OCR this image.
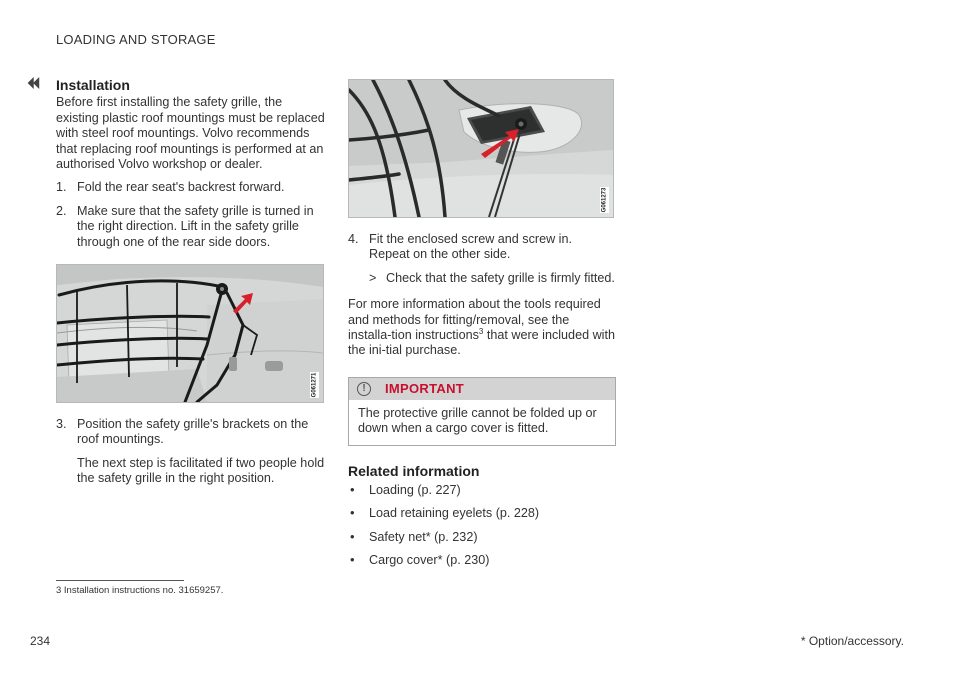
LOADING AND STORAGE
⏴⏴ Installation

Before first installing the safety grille, the existing plastic roof mountings must be replaced with steel roof mountings. Volvo recommends that replacing roof mountings is performed at an authorised Volvo workshop or dealer.

1. Fold the rear seat's backrest forward.
2. Make sure that the safety grille is turned in the right direction. Lift in the safety grille through one of the rear side doors.
G061271
3. Position the safety grille's brackets on the roof mountings.

The next step is facilitated if two people hold the safety grille in the right position.

G061273
4. Fit the enclosed screw and screw in. Repeat on the other side.
> Check that the safety grille is firmly fitted.

For more information about the tools required and methods for fitting/removal, see the installa-tion instructions$^3$ that were included with the ini-tial purchase.

!	IMPORTANT
The protective grille cannot be folded up or down when a cargo cover is fitted.
Related information
• Loading (p. 227)
• Load retaining eyelets (p. 228)
• Safety net* (p. 232)
• Cargo cover* (p. 230)
3 Installation instructions no. 31659257.
234	* Option/accessory.
